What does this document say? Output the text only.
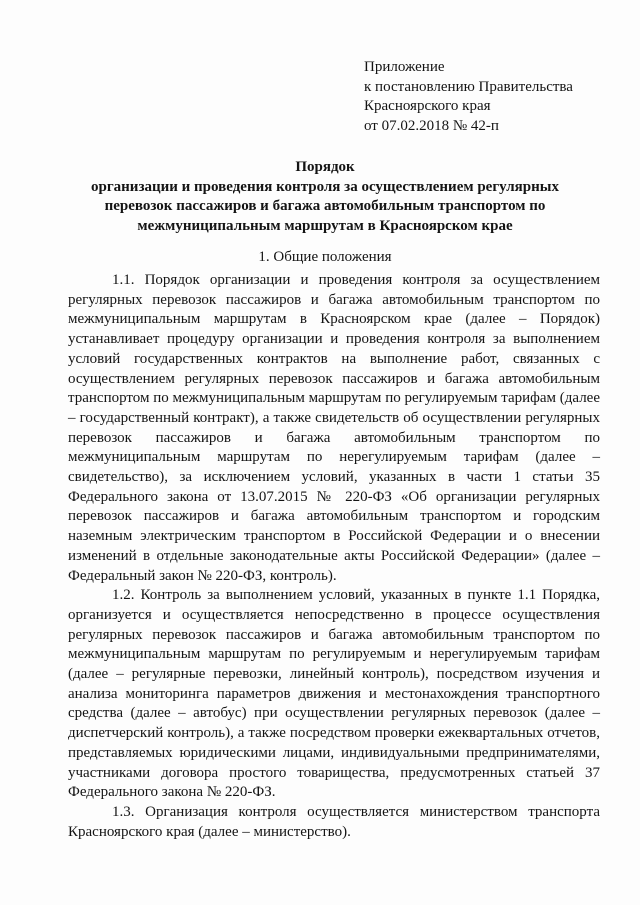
Приложение
к постановлению Правительства
Красноярского края
от 07.02.2018 № 42-п
Порядок
организации и проведения контроля за осуществлением регулярных
перевозок пассажиров и багажа автомобильным транспортом по
межмуниципальным маршрутам в Красноярском крае
1. Общие положения

1.1. Порядок организации и проведения контроля за осуществлением регулярных перевозок пассажиров и багажа автомобильным транспортом по межмуниципальным маршрутам в Красноярском крае (далее – Порядок) устанавливает процедуру организации и проведения контроля за выполнением условий государственных контрактов на выполнение работ, связанных с осуществлением регулярных перевозок пассажиров и багажа автомобильным транспортом по межмуниципальным маршрутам по регулируемым тарифам (далее – государственный контракт), а также свидетельств об осуществлении регулярных перевозок пассажиров и багажа автомобильным транспортом по межмуниципальным маршрутам по нерегулируемым тарифам (далее – свидетельство), за исключением условий, указанных в части 1 статьи 35 Федерального закона от 13.07.2015 № 220-ФЗ «Об организации регулярных перевозок пассажиров и багажа автомобильным транспортом и городским наземным электрическим транспортом в Российской Федерации и о внесении изменений в отдельные законодательные акты Российской Федерации» (далее – Федеральный закон № 220-ФЗ, контроль).

1.2. Контроль за выполнением условий, указанных в пункте 1.1 Порядка, организуется и осуществляется непосредственно в процессе осуществления регулярных перевозок пассажиров и багажа автомобильным транспортом по межмуниципальным маршрутам по регулируемым и нерегулируемым тарифам (далее – регулярные перевозки, линейный контроль), посредством изучения и анализа мониторинга параметров движения и местонахождения транспортного средства (далее – автобус) при осуществлении регулярных перевозок (далее – диспетчерский контроль), а также посредством проверки ежеквартальных отчетов, представляемых юридическими лицами, индивидуальными предпринимателями, участниками договора простого товарищества, предусмотренных статьей 37 Федерального закона № 220-ФЗ.

1.3. Организация контроля осуществляется министерством транспорта Красноярского края (далее – министерство).
